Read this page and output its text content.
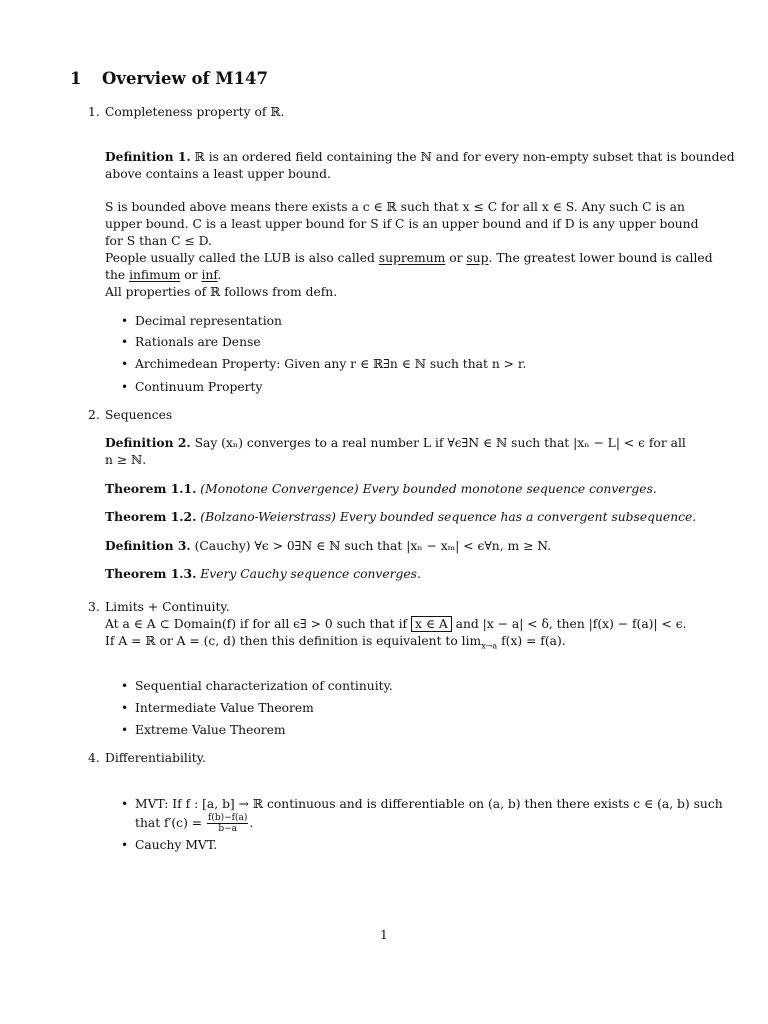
1 Overview of M147
1. Completeness property of ℝ.
Definition 1. ℝ is an ordered field containing the ℕ and for every non-empty subset that is bounded
above contains a least upper bound.
S is bounded above means there exists a c ∈ ℝ such that x ≤ C for all x ∈ S. Any such C is an
upper bound. C is a least upper bound for S if C is an upper bound and if D is any upper bound
for S than C ≤ D.
People usually called the LUB is also called supremum or sup. The greatest lower bound is called
the infimum or inf.
All properties of ℝ follows from defn.
• Decimal representation
• Rationals are Dense
• Archimedean Property: Given any r ∈ ℝ∃n ∈ ℕ such that n > r.
• Continuum Property
2. Sequences
Definition 2. Say (xₙ) converges to a real number L if ∀ϵ∃N ∈ ℕ such that |xₙ − L| < ϵ for all
n ≥ ℕ.
Theorem 1.1. (Monotone Convergence) Every bounded monotone sequence converges.
Theorem 1.2. (Bolzano-Weierstrass) Every bounded sequence has a convergent subsequence.
Definition 3. (Cauchy) ∀ϵ > 0∃N ∈ ℕ such that |xₙ − xₘ| < ϵ∀n, m ≥ N.
Theorem 1.3. Every Cauchy sequence converges.
3. Limits + Continuity.
At a ∈ A ⊂ Domain(f) if for all ϵ∃ > 0 such that if x ∈ A and |x − a| < δ, then |f(x) − f(a)| < ϵ.
If A = ℝ or A = (c, d) then this definition is equivalent to $\lim_{x\to a} f(x) = f(a)$.
• Sequential characterization of continuity.
• Intermediate Value Theorem
• Extreme Value Theorem
4. Differentiability.
• MVT: If f : [a, b] → ℝ continuous and is differentiable on (a, b) then there exists c ∈ (a, b) such
that $f'(c) = \frac{f(b)-f(a)}{b-a}$ .
• Cauchy MVT.
1
